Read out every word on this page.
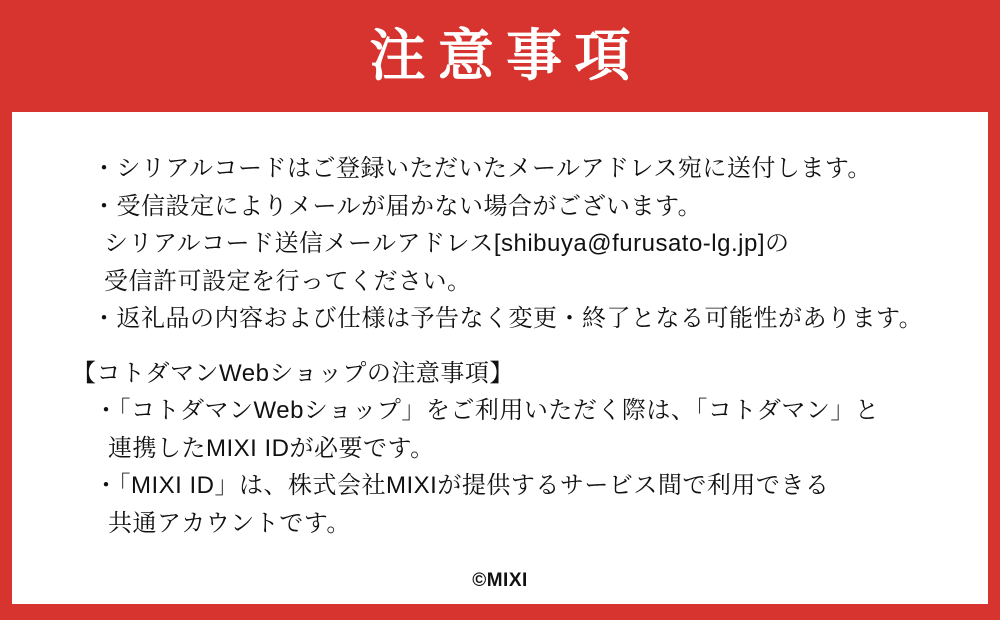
注意事項
・シリアルコードはご登録いただいたメールアドレス宛に送付します。
・受信設定によりメールが届かない場合がございます。
シリアルコード送信メールアドレス[shibuya@furusato-lg.jp]の
受信許可設定を行ってください。
・返礼品の内容および仕様は予告なく変更・終了となる可能性があります。
【コトダマンWebショップの注意事項】
・「コトダマンWebショップ」をご利用いただく際は、「コトダマン」と
連携したMIXI IDが必要です。
・「MIXI ID」は、株式会社MIXIが提供するサービス間で利用できる
共通アカウントです。
©MIXI
